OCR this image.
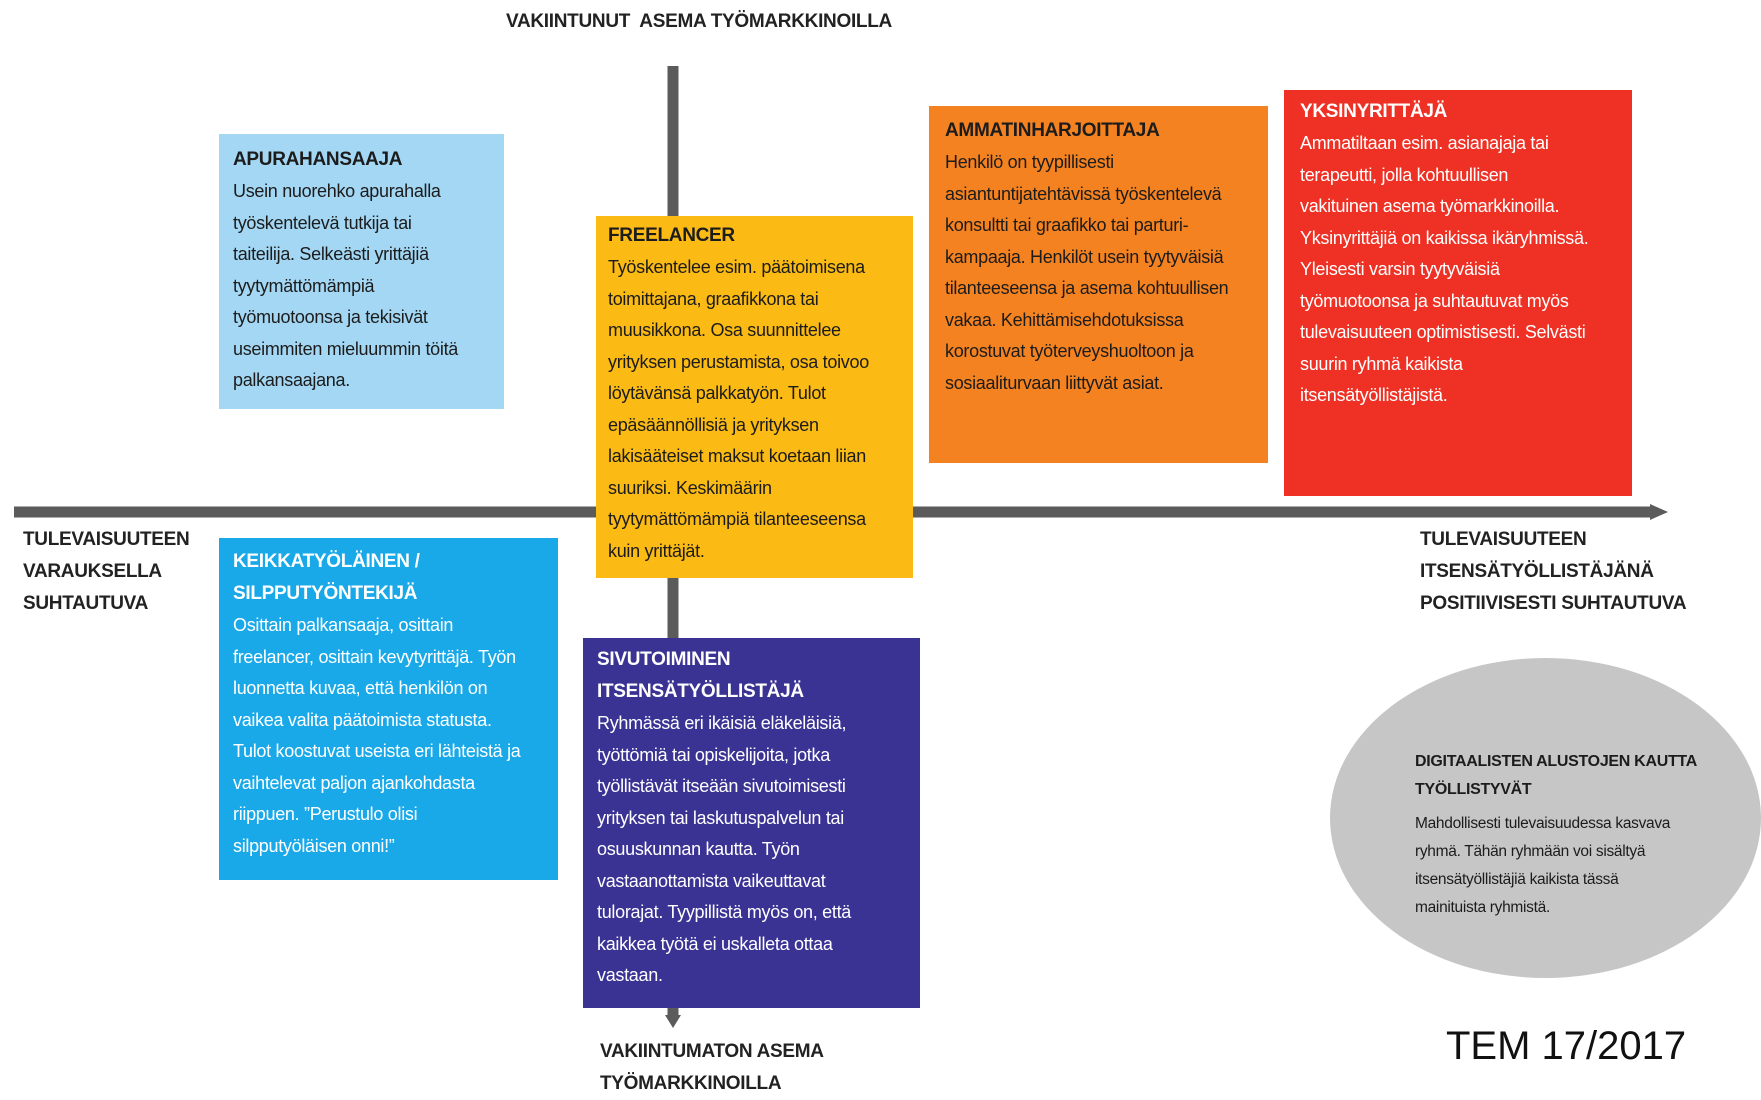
VAKIINTUNUT  ASEMA TYÖMARKKINOILLA
VAKIINTUMATON ASEMA
TYÖMARKKINOILLA
TULEVAISUUTEEN
VARAUKSELLA
SUHTAUTUVA
TULEVAISUUTEEN
ITSENSÄTYÖLLISTÄJÄNÄ
POSITIIVISESTI SUHTAUTUVA
APURAHANSAAJA
Usein nuorehko apurahalla
työskentelevä tutkija tai
taiteilija. Selkeästi yrittäjiä
tyytymättömämpiä
työmuotoonsa ja tekisivät
useimmiten mieluummin töitä
palkansaajana.
FREELANCER
Työskentelee esim. päätoimisena
toimittajana, graafikkona tai
muusikkona. Osa suunnittelee
yrityksen perustamista, osa toivoo
löytävänsä palkkatyön. Tulot
epäsäännöllisiä ja yrityksen
lakisääteiset maksut koetaan liian
suuriksi. Keskimäärin
tyytymättömämpiä tilanteeseensa
kuin yrittäjät.
AMMATINHARJOITTAJA
Henkilö on tyypillisesti
asiantuntijatehtävissä työskentelevä
konsultti tai graafikko tai parturi-
kampaaja. Henkilöt usein tyytyväisiä
tilanteeseensa ja asema kohtuullisen
vakaa. Kehittämisehdotuksissa
korostuvat työterveyshuoltoon ja
sosiaaliturvaan liittyvät asiat.
YKSINYRITTÄJÄ
Ammatiltaan esim. asianajaja tai
terapeutti, jolla kohtuullisen
vakituinen asema työmarkkinoilla.
Yksinyrittäjiä on kaikissa ikäryhmissä.
Yleisesti varsin tyytyväisiä
työmuotoonsa ja suhtautuvat myös
tulevaisuuteen optimistisesti. Selvästi
suurin ryhmä kaikista
itsensätyöllistäjistä.
KEIKKATYÖLÄINEN /
SILPPUTYÖNTEKIJÄ
Osittain palkansaaja, osittain
freelancer, osittain kevytyrittäjä. Työn
luonnetta kuvaa, että henkilön on
vaikea valita päätoimista statusta.
Tulot koostuvat useista eri lähteistä ja
vaihtelevat paljon ajankohdasta
riippuen. ”Perustulo olisi
silpputyöläisen onni!”
SIVUTOIMINEN
ITSENSÄTYÖLLISTÄJÄ
Ryhmässä eri ikäisiä eläkeläisiä,
työttömiä tai opiskelijoita, jotka
työllistävät itseään sivutoimisesti
yrityksen tai laskutuspalvelun tai
osuuskunnan kautta. Työn
vastaanottamista vaikeuttavat
tulorajat. Tyypillistä myös on, että
kaikkea työtä ei uskalleta ottaa
vastaan.
DIGITAALISTEN ALUSTOJEN KAUTTA
TYÖLLISTYVÄT
Mahdollisesti tulevaisuudessa kasvava
ryhmä. Tähän ryhmään voi sisältyä
itsensätyöllistäjiä kaikista tässä
mainituista ryhmistä.
TEM 17/2017
